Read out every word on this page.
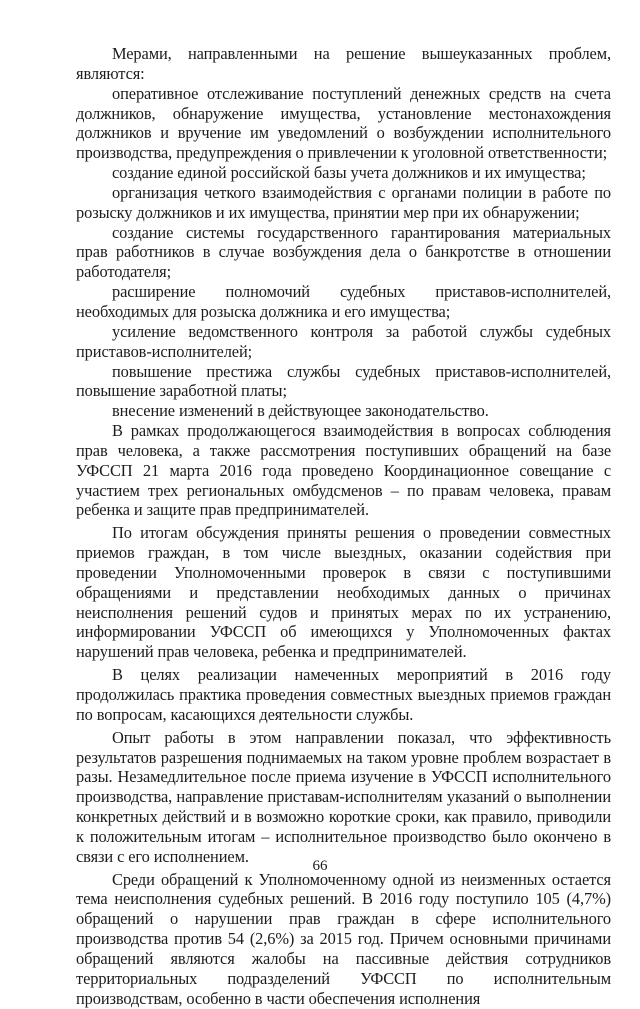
Мерами, направленными на решение вышеуказанных проблем, являются:

оперативное отслеживание поступлений денежных средств на счета должников, обнаружение имущества, установление местонахождения должников и вручение им уведомлений о возбуждении исполнительного производства, предупреждения о привлечении к уголовной ответственности;

создание единой российской базы учета должников и их имущества;

организация четкого взаимодействия с органами полиции в работе по розыску должников и их имущества, принятии мер при их обнаружении;

создание системы государственного гарантирования материальных прав работников в случае возбуждения дела о банкротстве в отношении работодателя;

расширение полномочий судебных приставов-исполнителей, необходимых для розыска должника и его имущества;

усиление ведомственного контроля за работой службы судебных приставов-исполнителей;

повышение престижа службы судебных приставов-исполнителей, повышение заработной платы;

внесение изменений в действующее законодательство.

В рамках продолжающегося взаимодействия в вопросах соблюдения прав человека, а также рассмотрения поступивших обращений на базе УФССП 21 марта 2016 года проведено Координационное совещание с участием трех региональных омбудсменов – по правам человека, правам ребенка и защите прав предпринимателей.

По итогам обсуждения приняты решения о проведении совместных приемов граждан, в том числе выездных, оказании содействия при проведении Уполномоченными проверок в связи с поступившими обращениями и представлении необходимых данных о причинах неисполнения решений судов и принятых мерах по их устранению, информировании УФССП об имеющихся у Уполномоченных фактах нарушений прав человека, ребенка и предпринимателей.

В целях реализации намеченных мероприятий в 2016 году продолжилась практика проведения совместных выездных приемов граждан по вопросам, касающихся деятельности службы.

Опыт работы в этом направлении показал, что эффективность результатов разрешения поднимаемых на таком уровне проблем возрастает в разы. Незамедлительное после приема изучение в УФССП исполнительного производства, направление приставам-исполнителям указаний о выполнении конкретных действий и в возможно короткие сроки, как правило, приводили к положительным итогам – исполнительное производство было окончено в связи с его исполнением.

Среди обращений к Уполномоченному одной из неизменных остается тема неисполнения судебных решений. В 2016 году поступило 105 (4,7%) обращений о нарушении прав граждан в сфере исполнительного производства против 54 (2,6%) за 2015 год. Причем основными причинами обращений являются жалобы на пассивные действия сотрудников территориальных подразделений УФССП по исполнительным производствам, особенно в части обеспечения исполнения

66
